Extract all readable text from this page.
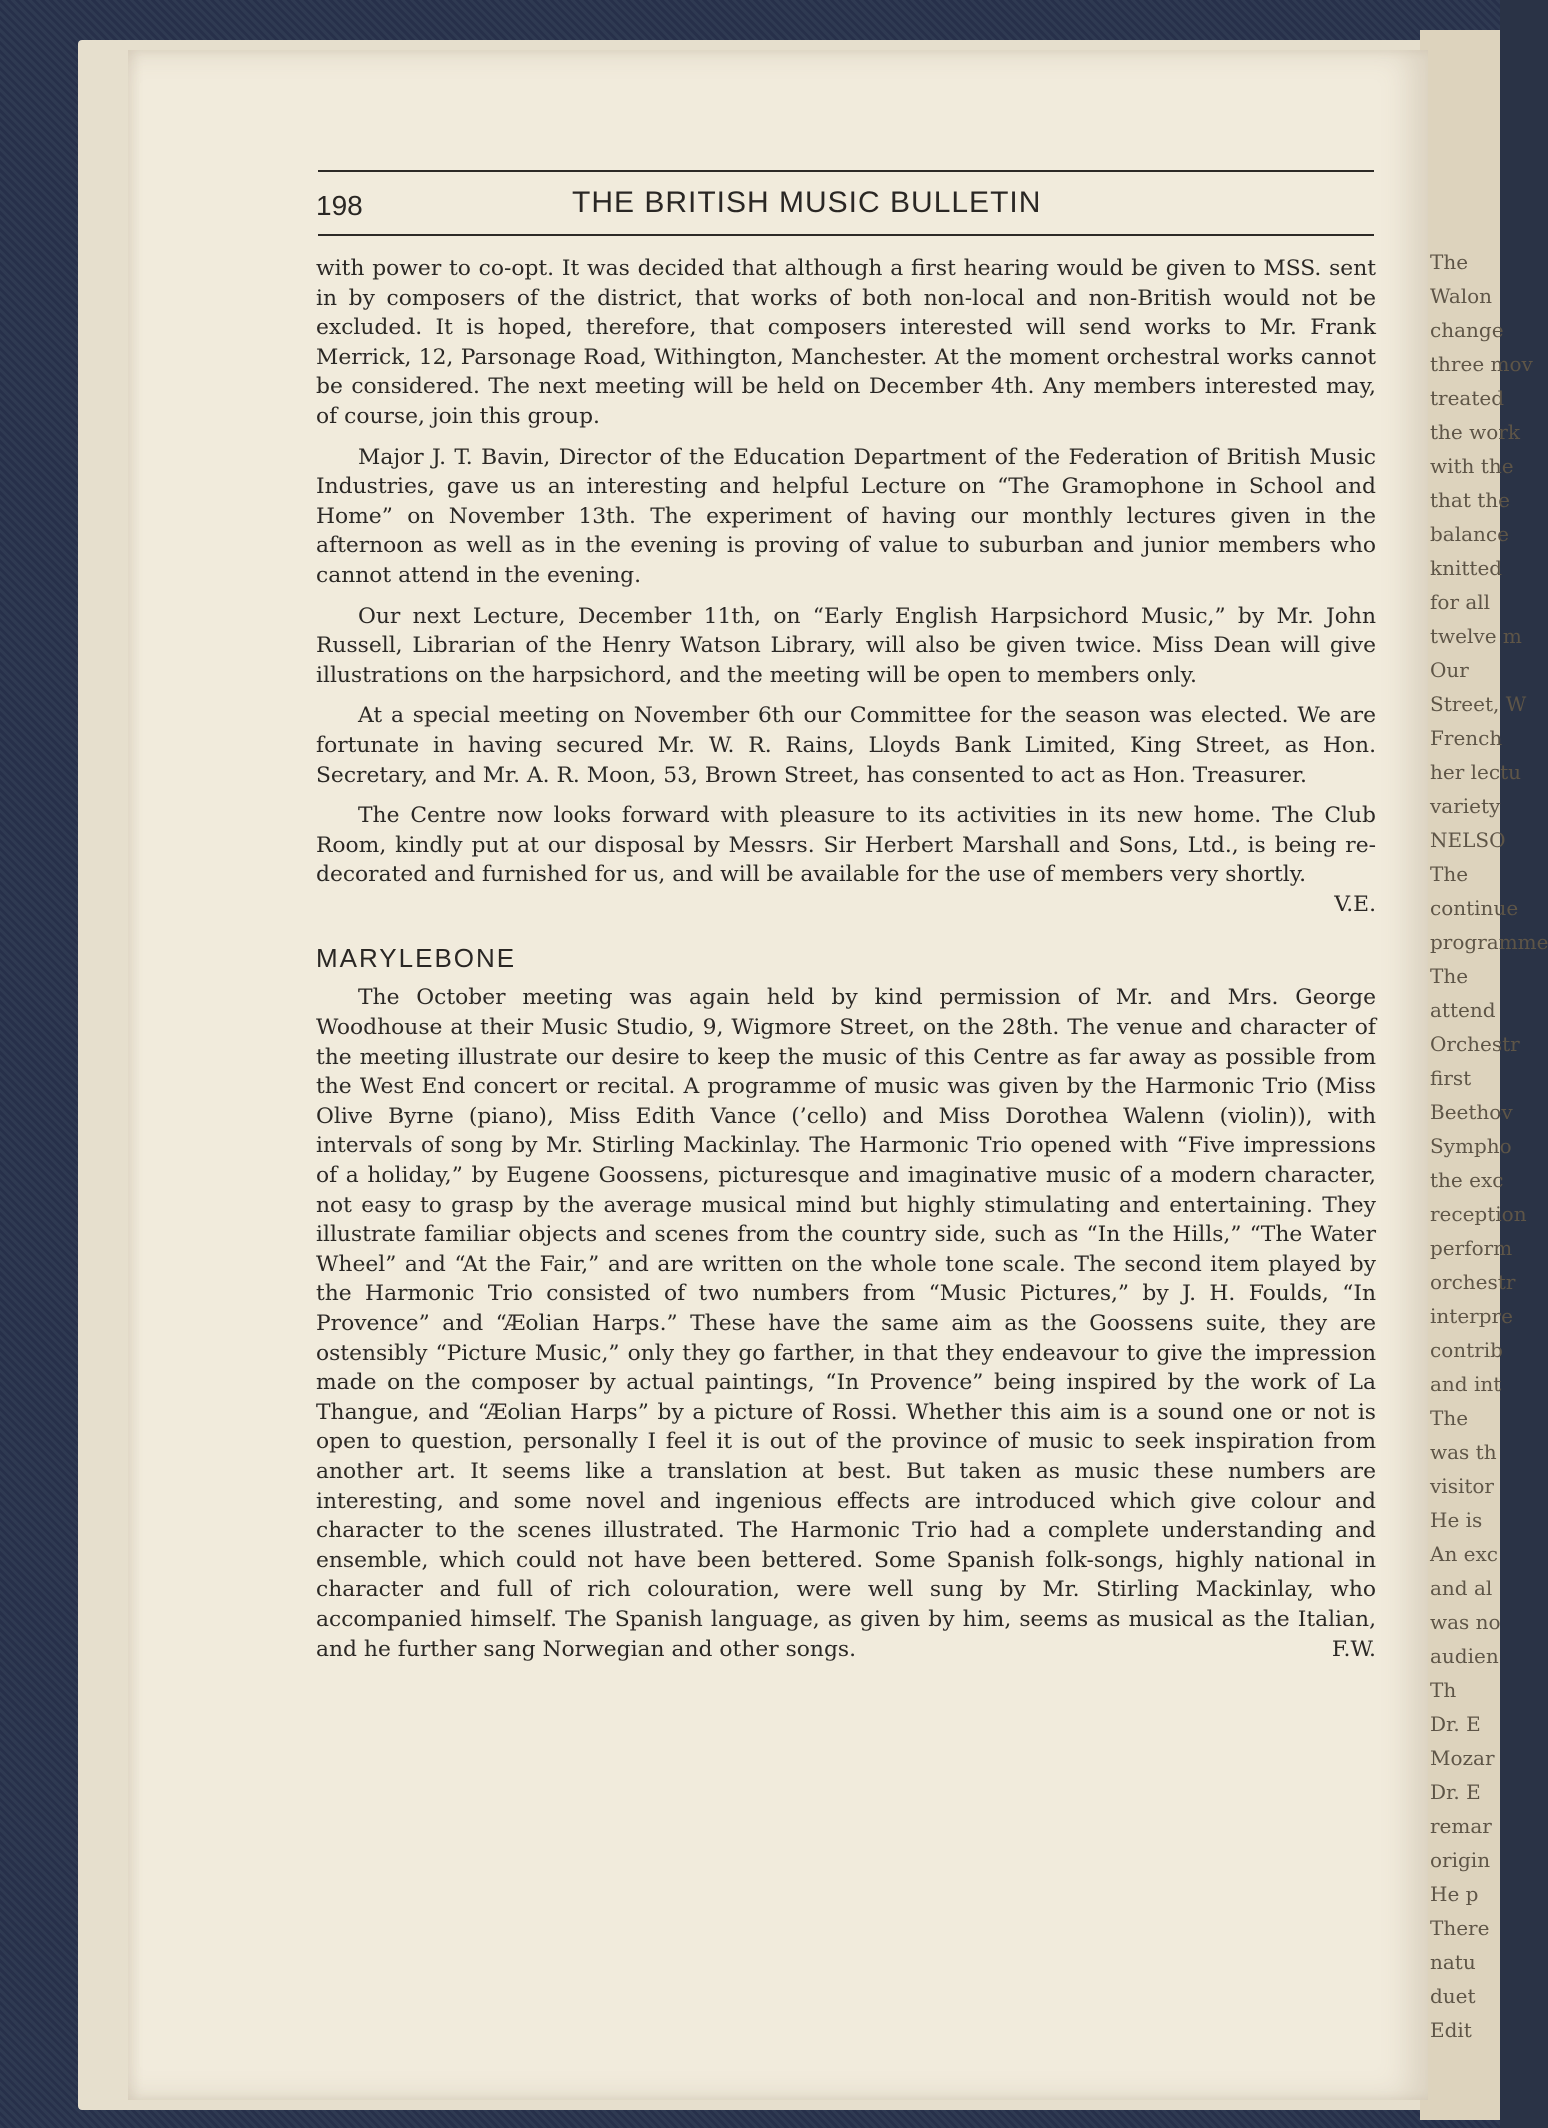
The
Walon
change
three mov
treated
the work
with the
that the
balance
knitted
for all
twelve m
Our
Street, W
French
her lectu
variety
NELSO
The
continue
programme
The
attend
Orchestr
first
Beethov
Sympho
the exc
reception
perform
orchestr
interpre
contrib
and int
The
was th
visitor
He is
An exc
and al
was no
audien
Th
Dr. E
Mozar
Dr. E
remar
origin
He p
There
natu
duet
Edit
198	THE BRITISH MUSIC BULLETIN

with power to co-opt. It was decided that although a first hearing would be given to MSS. sent in by composers of the district, that works of both non-local and non-British would not be excluded. It is hoped, therefore, that composers interested will send works to Mr. Frank Merrick, 12, Parsonage Road, Withington, Manchester. At the moment orchestral works cannot be considered. The next meeting will be held on December 4th. Any members interested may, of course, join this group.

Major J. T. Bavin, Director of the Education Department of the Federation of British Music Industries, gave us an interesting and helpful Lecture on “The Gramophone in School and Home” on November 13th. The experiment of having our monthly lectures given in the afternoon as well as in the evening is proving of value to suburban and junior members who cannot attend in the evening.

Our next Lecture, December 11th, on “Early English Harpsichord Music,” by Mr. John Russell, Librarian of the Henry Watson Library, will also be given twice. Miss Dean will give illustrations on the harpsichord, and the meeting will be open to members only.

At a special meeting on November 6th our Committee for the season was elected. We are fortunate in having secured Mr. W. R. Rains, Lloyds Bank Limited, King Street, as Hon. Secretary, and Mr. A. R. Moon, 53, Brown Street, has consented to act as Hon. Treasurer.

The Centre now looks forward with pleasure to its activities in its new home. The Club Room, kindly put at our disposal by Messrs. Sir Herbert Marshall and Sons, Ltd., is being re-decorated and furnished for us, and will be available for the use of members very shortly.
V.E.

MARYLEBONE

The October meeting was again held by kind permission of Mr. and Mrs. George Woodhouse at their Music Studio, 9, Wigmore Street, on the 28th. The venue and character of the meeting illustrate our desire to keep the music of this Centre as far away as possible from the West End concert or recital. A programme of music was given by the Harmonic Trio (Miss Olive Byrne (piano), Miss Edith Vance (’cello) and Miss Dorothea Walenn (violin)), with intervals of song by Mr. Stirling Mackinlay. The Harmonic Trio opened with “Five impressions of a holiday,” by Eugene Goossens, picturesque and imaginative music of a modern character, not easy to grasp by the average musical mind but highly stimulating and entertaining. They illustrate familiar objects and scenes from the country side, such as “In the Hills,” “The Water Wheel” and “At the Fair,” and are written on the whole tone scale. The second item played by the Harmonic Trio consisted of two numbers from “Music Pictures,” by J. H. Foulds, “In Provence” and “Æolian Harps.” These have the same aim as the Goossens suite, they are ostensibly “Picture Music,” only they go farther, in that they endeavour to give the impression made on the composer by actual paintings, “In Provence” being inspired by the work of La Thangue, and “Æolian Harps” by a picture of Rossi. Whether this aim is a sound one or not is open to question, personally I feel it is out of the province of music to seek inspiration from another art. It seems like a translation at best. But taken as music these numbers are interesting, and some novel and ingenious effects are introduced which give colour and character to the scenes illustrated. The Harmonic Trio had a complete understanding and ensemble, which could not have been bettered. Some Spanish folk-songs, highly national in character and full of rich colouration, were well sung by Mr. Stirling Mackinlay, who accompanied himself. The Spanish language, as given by him, seems as musical as the Italian, and he further sang Norwegian and other songs.	F.W.
